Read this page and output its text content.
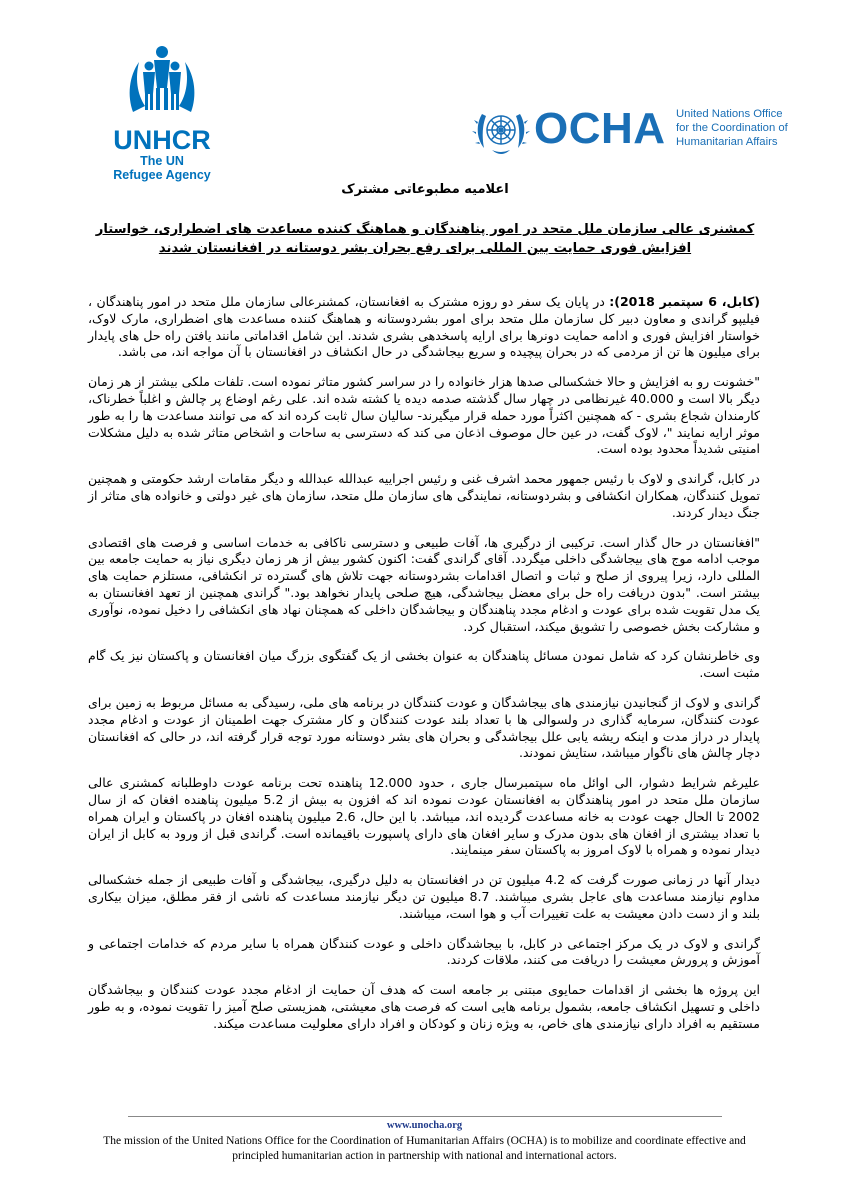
UNHCR
The UN
Refugee Agency
OCHA United Nations Office
for the Coordination of
Humanitarian Affairs
اعلامیه مطبوعاتی مشترک
کمشنری عالی سازمان ملل متحد در امور پناهندگان و هماهنگ کننده مساعدت های اضطراری، خواستار افزایش فوری حمایت بین المللی برای رفع بحران بشر دوستانه در افغانستان شدند

(کابل، 6 سپتمبر 2018): در پایان یک سفر دو روزه مشترک به افغانستان، کمشنرعالی سازمان ملل متحد در امور پناهندگان ، فیلیپو گراندی و معاون دبیر کل سازمان ملل متحد برای امور بشردوستانه و هماهنگ کننده مساعدت های اضطراری، مارک لاوک، خواستار افزایش فوری و ادامه حمایت دونرها برای ارایه پاسخدهی بشری شدند. این شامل اقداماتی مانند یافتن راه حل های پایدار برای میلیون ها تن از مردمی که در بحران پیچیده و سریع بیجاشدگی در حال انکشاف در افغانستان با آن مواجه اند، می باشد.

"خشونت رو به افزایش و حالا خشکسالی صدها هزار خانواده را در سراسر کشور متاثر نموده است. تلفات ملکی بیشتر از هر زمان دیگر بالا است و 40.000 غیرنظامی در چهار سال گذشته صدمه دیده یا کشته شده اند. علی رغم اوضاع پر چالش و اغلباً خطرناک، کارمندان شجاع بشری - که همچنین اکثراً مورد حمله قرار میگیرند- سالیان سال ثابت کرده اند که می توانند مساعدت ها را به طور موثر ارایه نمایند "، لاوک گفت، در عین حال موصوف اذعان می کند که دسترسی به ساحات و اشخاص متاثر شده به دلیل مشکلات امنیتی شدیداً محدود بوده است.

در کابل، گراندی و لاوک با رئیس جمهور محمد اشرف غنی و رئیس اجراییه عبدالله عبدالله و دیگر مقامات ارشد حکومتی و همچنین تمویل کنندگان، همکاران انکشافی و بشردوستانه، نمایندگی های سازمان ملل متحد، سازمان های غیر دولتی و خانواده های متاثر از جنگ دیدار کردند.

"افغانستان در حال گذار است. ترکیبی از درگیری ها، آفات طبیعی و دسترسی ناکافی به خدمات اساسی و فرصت های اقتصادی موجب ادامه موج های بیجاشدگی داخلی میگردد. آقای گراندی گفت: اکنون کشور بیش از هر زمان دیگری نیاز به حمایت جامعه بین المللی دارد، زیرا پیروی از صلح و ثبات و اتصال اقدامات بشردوستانه جهت تلاش های گسترده تر انکشافی، مستلزم حمایت های بیشتر است. "بدون دریافت راه حل برای معضل بیجاشدگی، هیچ صلحی پایدار نخواهد بود." گراندی همچنین از تعهد افغانستان به یک مدل تقویت شده برای عودت و ادغام مجدد پناهندگان و بیجاشدگان داخلی که همچنان نهاد های انکشافی را دخیل نموده، نوآوری و مشارکت بخش خصوصی را تشویق میکند، استقبال کرد.

وی خاطرنشان کرد که شامل نمودن مسائل پناهندگان به عنوان بخشی از یک گفتگوی بزرگ میان افغانستان و پاکستان نیز یک گام مثبت است.

گراندی و لاوک از گنجانیدن نیازمندی های بیجاشدگان و عودت کنندگان در برنامه های ملی، رسیدگی به مسائل مربوط به زمین برای عودت کنندگان، سرمایه گذاری در ولسوالی ها با تعداد بلند عودت کنندگان و کار مشترک جهت اطمینان از عودت و ادغام مجدد پایدار در دراز مدت و اینکه ریشه یابی علل بیجاشدگی و بحران های بشر دوستانه مورد توجه قرار گرفته اند، در حالی که افغانستان دچار چالش های ناگوار میباشد، ستایش نمودند.

علیرغم شرایط دشوار، الی اوائل ماه سپتمبرسال جاری ، حدود 12.000 پناهنده تحت برنامه عودت داوطلبانه کمشنری عالی سازمان ملل متحد در امور پناهندگان به افغانستان عودت نموده اند که افزون به بیش از 5.2 میلیون پناهنده افغان که از سال 2002 تا الحال جهت عودت به خانه مساعدت گردیده اند، میباشد. با این حال، 2.6 میلیون پناهنده افغان در پاکستان و ایران همراه با تعداد بیشتری از افغان های بدون مدرک و سایر افغان های دارای پاسپورت باقیمانده است. گراندی قبل از ورود به کابل از ایران دیدار نموده و همراه با لاوک امروز به پاکستان سفر مینمایند.

دیدار آنها در زمانی صورت گرفت که 4.2 میلیون تن در افغانستان به دلیل درگیری، بیجاشدگی و آفات طبیعی از جمله خشکسالی مداوم نیازمند مساعدت های عاجل بشری میباشند. 8.7 میلیون تن دیگر نیازمند مساعدت که ناشی از فقر مطلق، میزان بیکاری بلند و از دست دادن معیشت به علت تغییرات آب و هوا است، میباشند.

گراندی و لاوک در یک مرکز اجتماعی در کابل، با بیجاشدگان داخلی و عودت کنندگان همراه با سایر مردم که خدامات اجتماعی و آموزش و پرورش معیشت را دریافت می کنند، ملاقات کردند.

این پروژه ها بخشی از اقدامات حمایوی مبتنی بر جامعه است که هدف آن حمایت از ادغام مجدد عودت کنندگان و بیجاشدگان داخلی و تسهیل انکشاف جامعه، بشمول برنامه هایی است که فرصت های معیشتی، همزیستی صلح آمیز را تقویت نموده، و به طور مستقیم به افراد دارای نیازمندی های خاص، به ویژه زنان و کودکان و افراد دارای معلولیت مساعدت میکند.

www.unocha.org
The mission of the United Nations Office for the Coordination of Humanitarian Affairs (OCHA) is to mobilize and coordinate effective and
principled humanitarian action in partnership with national and international actors.
